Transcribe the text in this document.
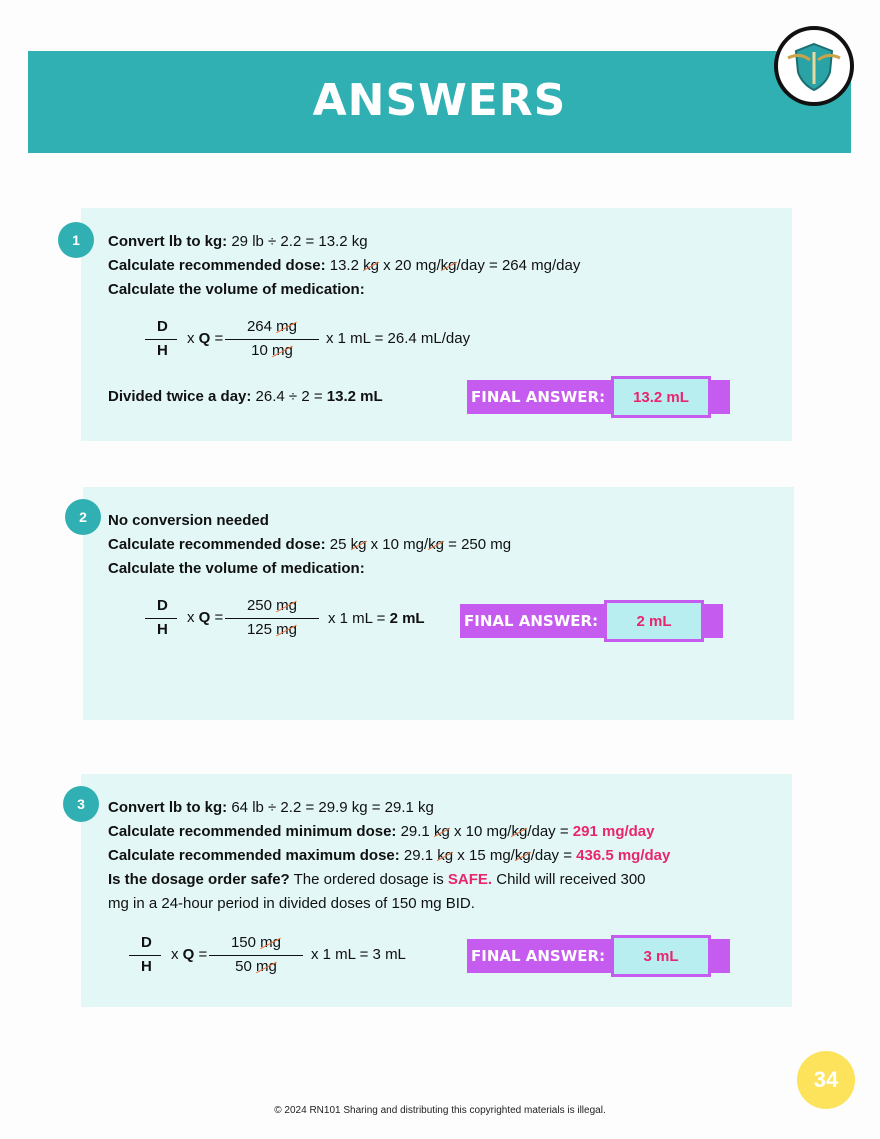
ANSWERS
1	Convert lb to kg: 29 lb ÷ 2.2 = 13.2 kg
Calculate recommended dose: 13.2 kg x 20 mg/kg/day = 264 mg/day
Calculate the volume of medication:
D
H
x Q =
264 mg
10 mg
x 1 mL = 26.4 mL/day
Divided twice a day: 26.4 ÷ 2 = 13.2 mL	FINAL ANSWER:	13.2 mL
2	No conversion needed
Calculate recommended dose: 25 kg x 10 mg/kg = 250 mg
Calculate the volume of medication:
D
H
x Q =
250 mg
125 mg
x 1 mL = 2 mL	FINAL ANSWER:	2 mL
3	Convert lb to kg: 64 lb ÷ 2.2 = 29.9 kg = 29.1 kg
Calculate recommended minimum dose: 29.1 kg x 10 mg/kg/day = 291 mg/day
Calculate recommended maximum dose: 29.1 kg x 15 mg/kg/day = 436.5 mg/day
Is the dosage order safe? The ordered dosage is SAFE. Child will received 300
mg in a 24-hour period in divided doses of 150 mg BID.
D
H
x Q =
150 mg
50 mg
x 1 mL = 3 mL	FINAL ANSWER:	3 mL
34
© 2024 RN101 Sharing and distributing this copyrighted materials is illegal.
